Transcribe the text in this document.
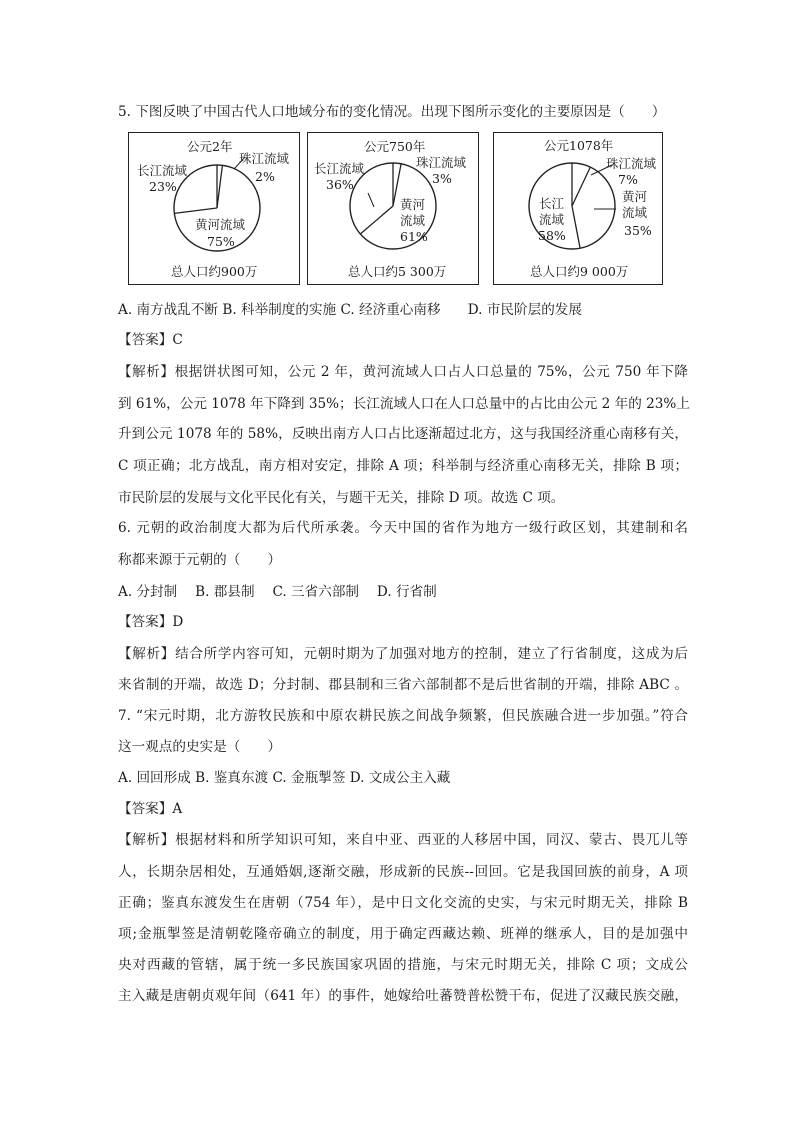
5. 下图反映了中国古代人口地域分布的变化情况。出现下图所示变化的主要原因是（　　）
公元2年
珠江流域
2%
长江流域
23%
黄河流域
75%
总人口约900万
公元750年
长江流域
36%
珠江流域
3%
黄河流域
61%
总人口约5 300万
公元1078年
珠江流域
7%
长江流域
58%
黄河流域
35%
总人口约9 000万
A. 南方战乱不断 B. 科举制度的实施 C. 经济重心南移　　D. 市民阶层的发展
【答案】C
【解析】根据饼状图可知，公元 2 年，黄河流域人口占人口总量的 75%，公元 750 年下降
到 61%，公元 1078 年下降到 35%；长江流域人口在人口总量中的占比由公元 2 年的 23%上
升到公元 1078 年的 58%，反映出南方人口占比逐渐超过北方，这与我国经济重心南移有关，
C 项正确；北方战乱，南方相对安定，排除 A 项；科举制与经济重心南移无关，排除 B 项；
市民阶层的发展与文化平民化有关，与题干无关，排除 D 项。故选 C 项。
6. 元朝的政治制度大都为后代所承袭。今天中国的省作为地方一级行政区划，其建制和名
称都来源于元朝的（　　）
A. 分封制　 B. 郡县制　 C. 三省六部制　 D. 行省制
【答案】D
【解析】结合所学内容可知，元朝时期为了加强对地方的控制，建立了行省制度，这成为后
来省制的开端，故选 D；分封制、郡县制和三省六部制都不是后世省制的开端，排除 ABC 。
7. “宋元时期，北方游牧民族和中原农耕民族之间战争频繁，但民族融合进一步加强。”符合
这一观点的史实是（　　）
A. 回回形成 B. 鉴真东渡 C. 金瓶掣签 D. 文成公主入藏
【答案】A
【解析】根据材料和所学知识可知，来自中亚、西亚的人移居中国，同汉、蒙古、畏兀儿等
人，长期杂居相处，互通婚姻,逐渐交融，形成新的民族--回回。它是我国回族的前身，A 项
正确；鉴真东渡发生在唐朝（754 年），是中日文化交流的史实，与宋元时期无关，排除 B
项;金瓶掣签是清朝乾隆帝确立的制度，用于确定西藏达赖、班禅的继承人，目的是加强中
央对西藏的管辖，属于统一多民族国家巩固的措施，与宋元时期无关，排除 C 项；文成公
主入藏是唐朝贞观年间（641 年）的事件，她嫁给吐蕃赞普松赞干布，促进了汉藏民族交融，
